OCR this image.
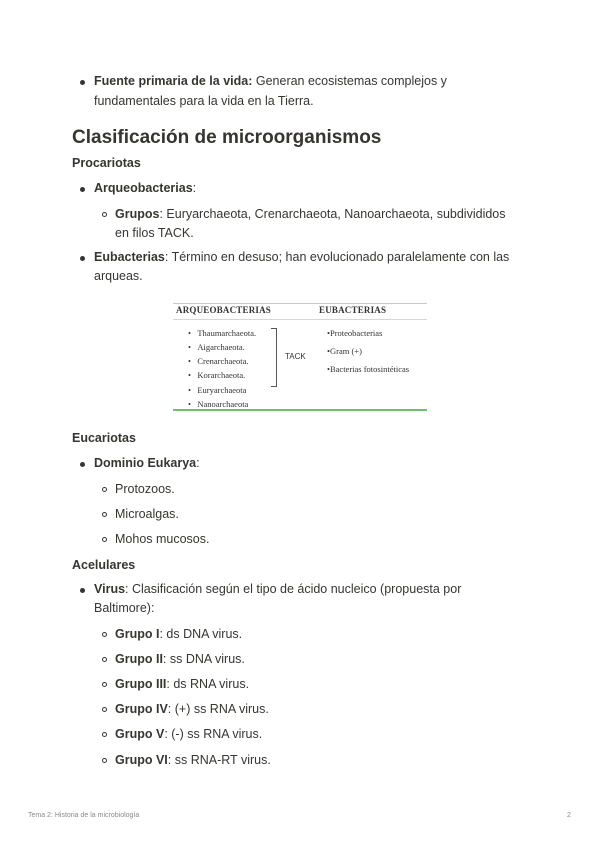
Fuente primaria de la vida: Generan ecosistemas complejos y
fundamentales para la vida en la Tierra.
Clasificación de microorganismos
Procariotas
Arqueobacterias:
Grupos: Euryarchaeota, Crenarchaeota, Nanoarchaeota, subdivididos
en filos TACK.
Eubacterias: Término en desuso; han evolucionado paralelamente con las
arqueas.
ARQUEOBACTERIAS	EUBACTERIAS
• Thaumarchaeota.
• Aigarchaeota.
• Crenarchaeota.
• Korarchaeota.
• Euryarchaeota
• Nanoarchaeota
TACK
•Proteobacterias
•Gram (+)
•Bacterias fotosintéticas
Eucariotas
Dominio Eukarya:
Protozoos.
Microalgas.
Mohos mucosos.
Acelulares
Virus: Clasificación según el tipo de ácido nucleico (propuesta por
Baltimore):
Grupo I: ds DNA virus.
Grupo II: ss DNA virus.
Grupo III: ds RNA virus.
Grupo IV: (+) ss RNA virus.
Grupo V: (-) ss RNA virus.
Grupo VI: ss RNA-RT virus.
Tema 2: Historia de la microbiología	2
